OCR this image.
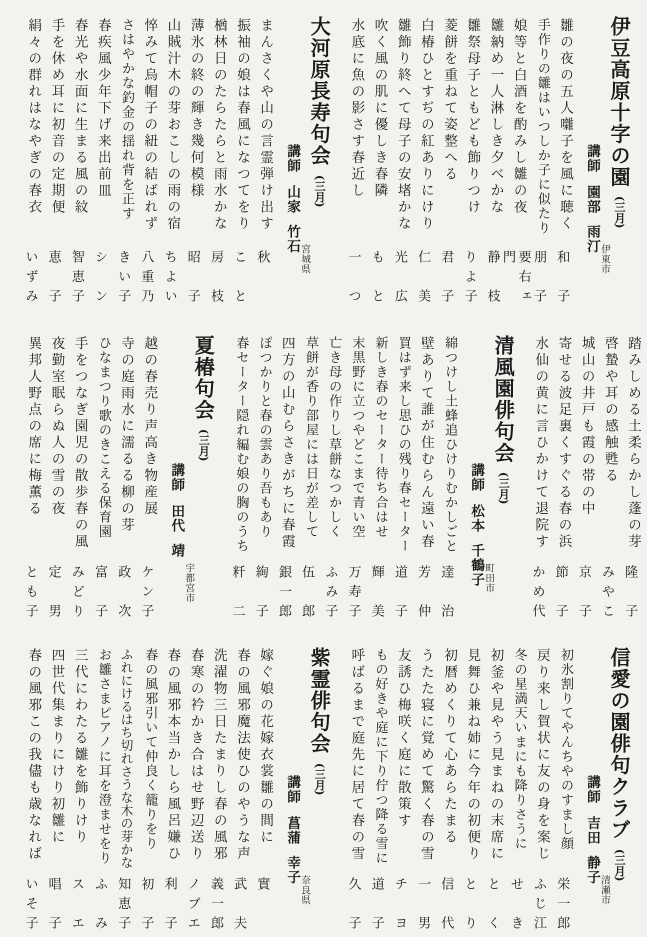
伊豆高原十字の園(三月)
講師園部 雨汀
伊東市
雛の夜の五人囃子を風に聴く
和子
手作りの雛はいつしか子に似たり
朋子
娘等と白酒を酌みし雛の夜
要右ェ門
雛納め一人淋しき夕べかな
静枝
雛祭母子ともども飾りつけ
りよ子
菱餅を重ねて姿整へる
君子
白椿ひとすぢの紅ありにけり
仁美
雛飾り終へて母子の安堵かな
光広
吹く風の肌に優しき春隣
もと
水底に魚の影さす春近し
一つ
大河原長寿句会(三月)
講師山家 竹石
宮城県
まんさくや山の言霊弾け出す
秋
振袖の娘は春風になつてをり
こと
楢林日のたらたらと雨水かな
房枝
薄氷の終の輝き幾何模様
昭子
山賊汁木の芽おこしの雨の宿
ちよい
悴みて烏帽子の紐の結ばれず
八重乃
さはやかな釣金の揺れ背を正す
きい子
春疾風少年下げ来出前皿
シン
春光や水面に生まる風の紋
智恵子
手を休め耳に初音の定期便
恵子
絹々の群れはなやぎの春衣
いずみ
踏みしめる土柔らかし蓬の芽
隆子
啓蟄や耳の感触甦る
みやこ
城山の井戸も霞の帯の中
京子
寄せる波足裏くすぐる春の浜
節子
水仙の黄に言ひかけて退院す
かめ代
清風園俳句会(三月)
講師松本 千鶴子 町田市
綿つけし土蜂追ひけりむかしごと
達治
壁ありて誰が住むらん遠い春
芳仲
買はず来し思ひの残り春セーター
道子
新しき春のセーター待ち合はせ
輝美
末黒野に立つやどこまで青い空
万寿子
亡き母の作りし草餅なつかしく
ふみ子
草餅が香り部屋には日が差して
伍郎
四方の山むらさきがちに春霞
銀一郎
ぽつかりと春の雲あり吾もあり
絢子
春セーター隠れ編む娘の胸のうち
粁二
夏椿句会(三月)
講師田代 靖
宇都宮市
越の春売り声高き物産展
ケン子
寺の庭雨水に濡るる柳の芽
政次
ひなまつり歌のきこえる保育園
富子
手をつなぎ園児の散歩春の風
みどり
夜勤室眠らぬ人の雪の夜
定男
異邦人野点の席に梅薫る
とも子
信愛の園俳句クラブ(三月)
講師吉田 静子
清瀬市
初氷割りてやんちやのすまし顔
栄一郎
戻り来し賀状に友の身を案じ
ふじ江
冬の星満天いまにも降りさうに
せき
初釜や見やう見まねの末席に
とく
見舞ひ兼ね姉に今年の初便り
とり
初暦めくりて心あらたまる
信代
うたた寝に覚めて驚く春の雪
一男
友誘ひ梅咲く庭に散策す
チヨ
もの好きや庭に下り佇つ降る雪に
道子
呼ばるまで庭先に居て春の雪
久子
紫霊俳句会(三月)
講師菖蒲 幸子
奈良県
嫁ぐ娘の花嫁衣裳雛の間に
實
春の風邪魔法使ひのやうな声
武夫
洗濯物三日たまりし春の風邪
義一郎
春寒の衿かき合はせ野辺送り
ノブエ
春の風邪本当かしら風呂嫌ひ
利子
春の風邪引いて仲良く籠りをり
初子
ふれにけるはち切れさうな木の芽かな
知恵子
お雛さまピアノに耳を澄ませをり
ふみ
三代にわたる雛を飾りけり
スエ
四世代集まりにけり初雛に
唱子
春の風邪この我儘も歳なれば
いそ子
